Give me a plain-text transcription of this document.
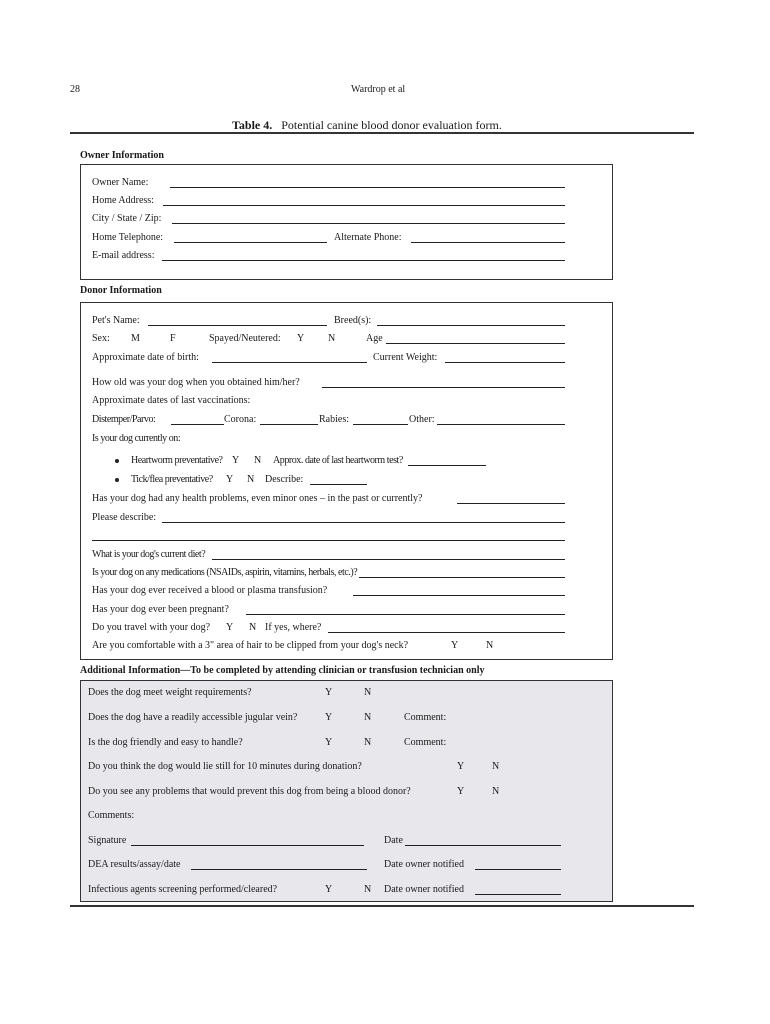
28	Wardrop et al
Table 4. Potential canine blood donor evaluation form.
Owner Information
Owner Name:
Home Address:
City / State / Zip:
Home Telephone:	Alternate Phone:
E-mail address:
Donor Information
Pet's Name:	Breed(s):
Sex: M	F	Spayed/Neutered: Y N	Age
Approximate date of birth:	Current Weight:
How old was your dog when you obtained him/her?
Approximate dates of last vaccinations:
Distemper/Parvo:	Corona:	Rabies:	Other:
Is your dog currently on:
Heartworm preventative? Y N Approx. date of last heartworm test?
Tick/flea preventative? Y N Describe:
Has your dog had any health problems, even minor ones – in the past or currently?
Please describe:
What is your dog's current diet?
Is your dog on any medications (NSAIDs, aspirin, vitamins, herbals, etc.)?
Has your dog ever received a blood or plasma transfusion?
Has your dog ever been pregnant?
Do you travel with your dog? Y N If yes, where?
Are you comfortable with a 3" area of hair to be clipped from your dog's neck?	Y	N
Additional Information—To be completed by attending clinician or transfusion technician only
Does the dog meet weight requirements?	Y	N
Does the dog have a readily accessible jugular vein?	Y	N	Comment:
Is the dog friendly and easy to handle?	Y	N	Comment:
Do you think the dog would lie still for 10 minutes during donation?	Y	N
Do you see any problems that would prevent this dog from being a blood donor?	Y	N
Comments:
Signature	Date
DEA results/assay/date	Date owner notified
Infectious agents screening performed/cleared?	Y	N Date owner notified
